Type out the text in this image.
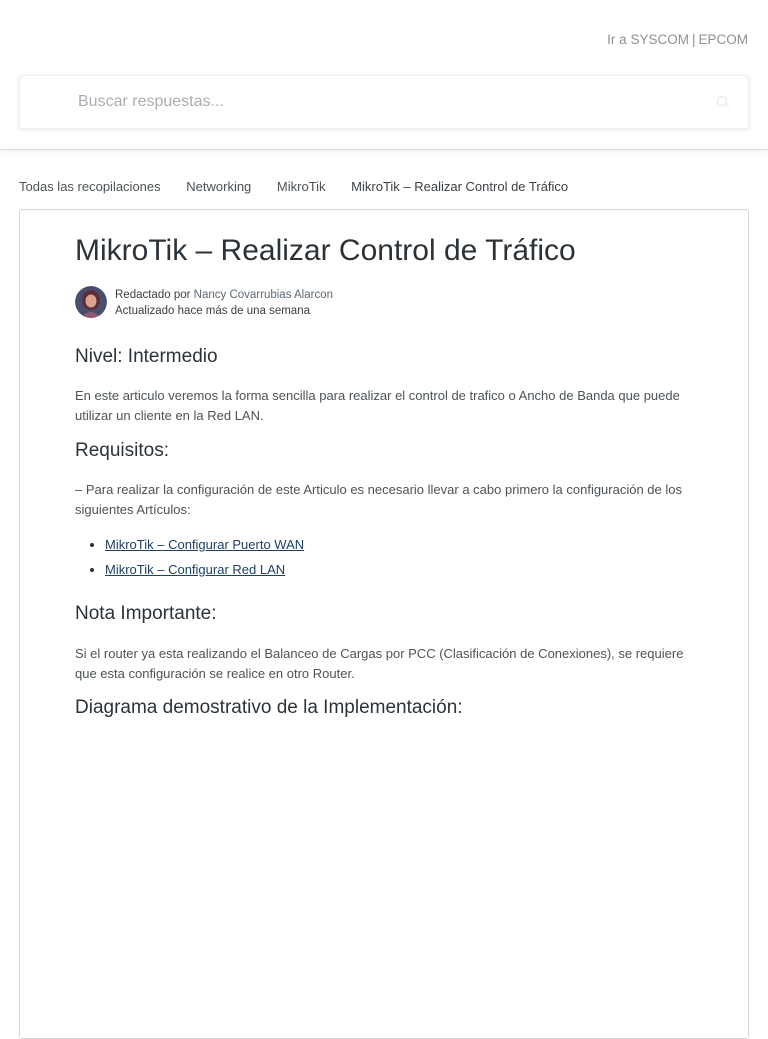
Ir a SYSCOM | EPCOM
Buscar respuestas...
Todas las recopilaciones Networking MikroTik MikroTik – Realizar Control de Tráfico
MikroTik – Realizar Control de Tráfico
Redactado por Nancy Covarrubias Alarcon
Actualizado hace más de una semana
Nivel: Intermedio

En este articulo veremos la forma sencilla para realizar el control de trafico o Ancho de Banda que puede utilizar un cliente en la Red LAN.

Requisitos:

– Para realizar la configuración de este Articulo es necesario llevar a cabo primero la configuración de los siguientes Artículos:

• MikroTik – Configurar Puerto WAN
• MikroTik – Configurar Red LAN
Nota Importante:

Si el router ya esta realizando el Balanceo de Cargas por PCC (Clasificación de Conexiones), se requiere que esta configuración se realice en otro Router.

Diagrama demostrativo de la Implementación:
